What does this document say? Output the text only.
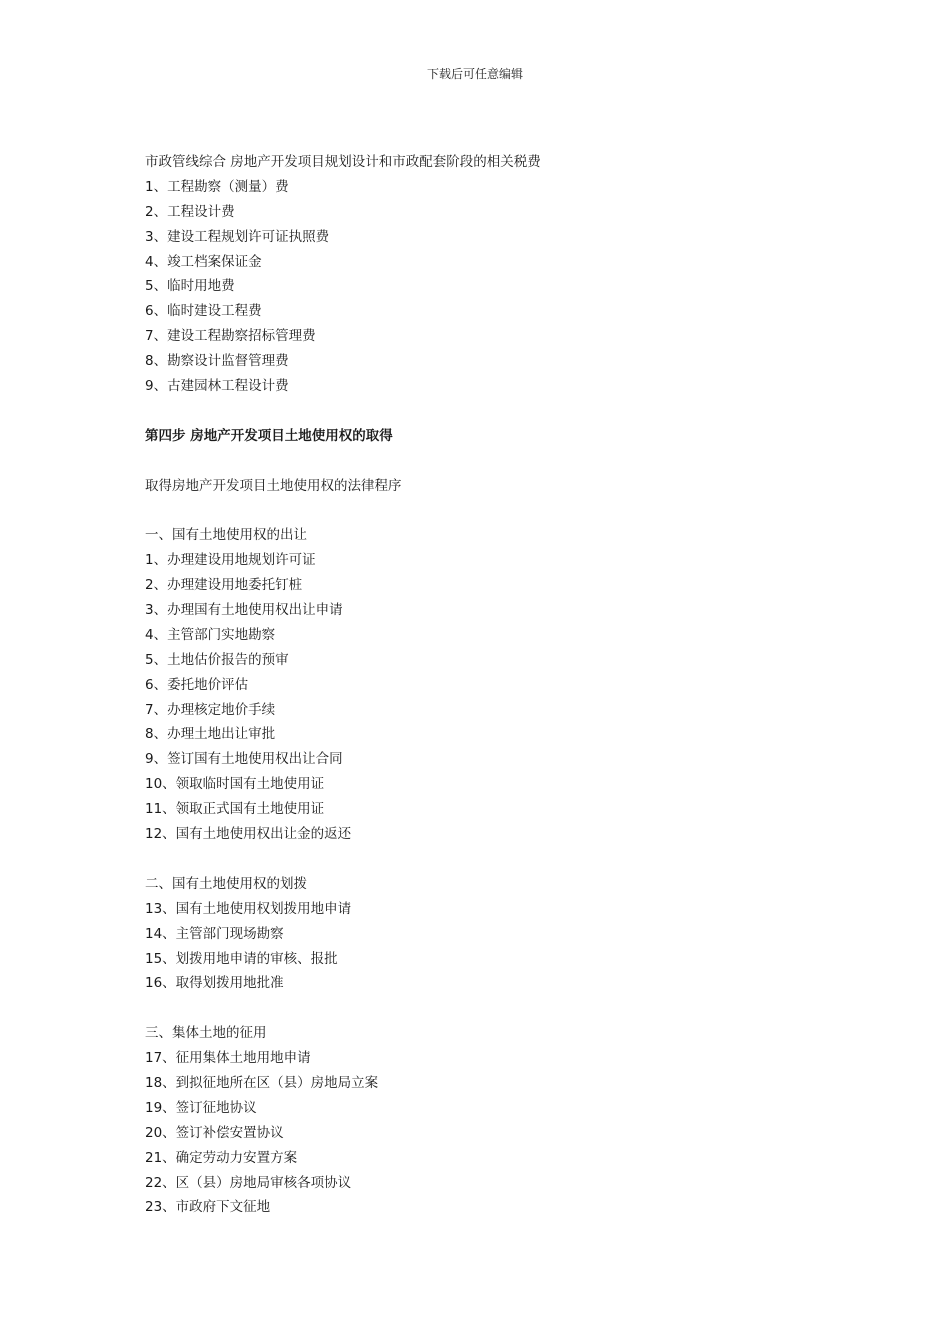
下载后可任意编辑
市政管线综合 房地产开发项目规划设计和市政配套阶段的相关税费
1、工程勘察（测量）费
2、工程设计费
3、建设工程规划许可证执照费
4、竣工档案保证金
5、临时用地费
6、临时建设工程费
7、建设工程勘察招标管理费
8、勘察设计监督管理费
9、古建园林工程设计费
第四步 房地产开发项目土地使用权的取得
取得房地产开发项目土地使用权的法律程序
一、国有土地使用权的出让
1、办理建设用地规划许可证
2、办理建设用地委托钉桩
3、办理国有土地使用权出让申请
4、主管部门实地勘察
5、土地估价报告的预审
6、委托地价评估
7、办理核定地价手续
8、办理土地出让审批
9、签订国有土地使用权出让合同
10、领取临时国有土地使用证
11、领取正式国有土地使用证
12、国有土地使用权出让金的返还
二、国有土地使用权的划拨
13、国有土地使用权划拨用地申请
14、主管部门现场勘察
15、划拨用地申请的审核、报批
16、取得划拨用地批准
三、集体土地的征用
17、征用集体土地用地申请
18、到拟征地所在区（县）房地局立案
19、签订征地协议
20、签订补偿安置协议
21、确定劳动力安置方案
22、区（县）房地局审核各项协议
23、市政府下文征地
